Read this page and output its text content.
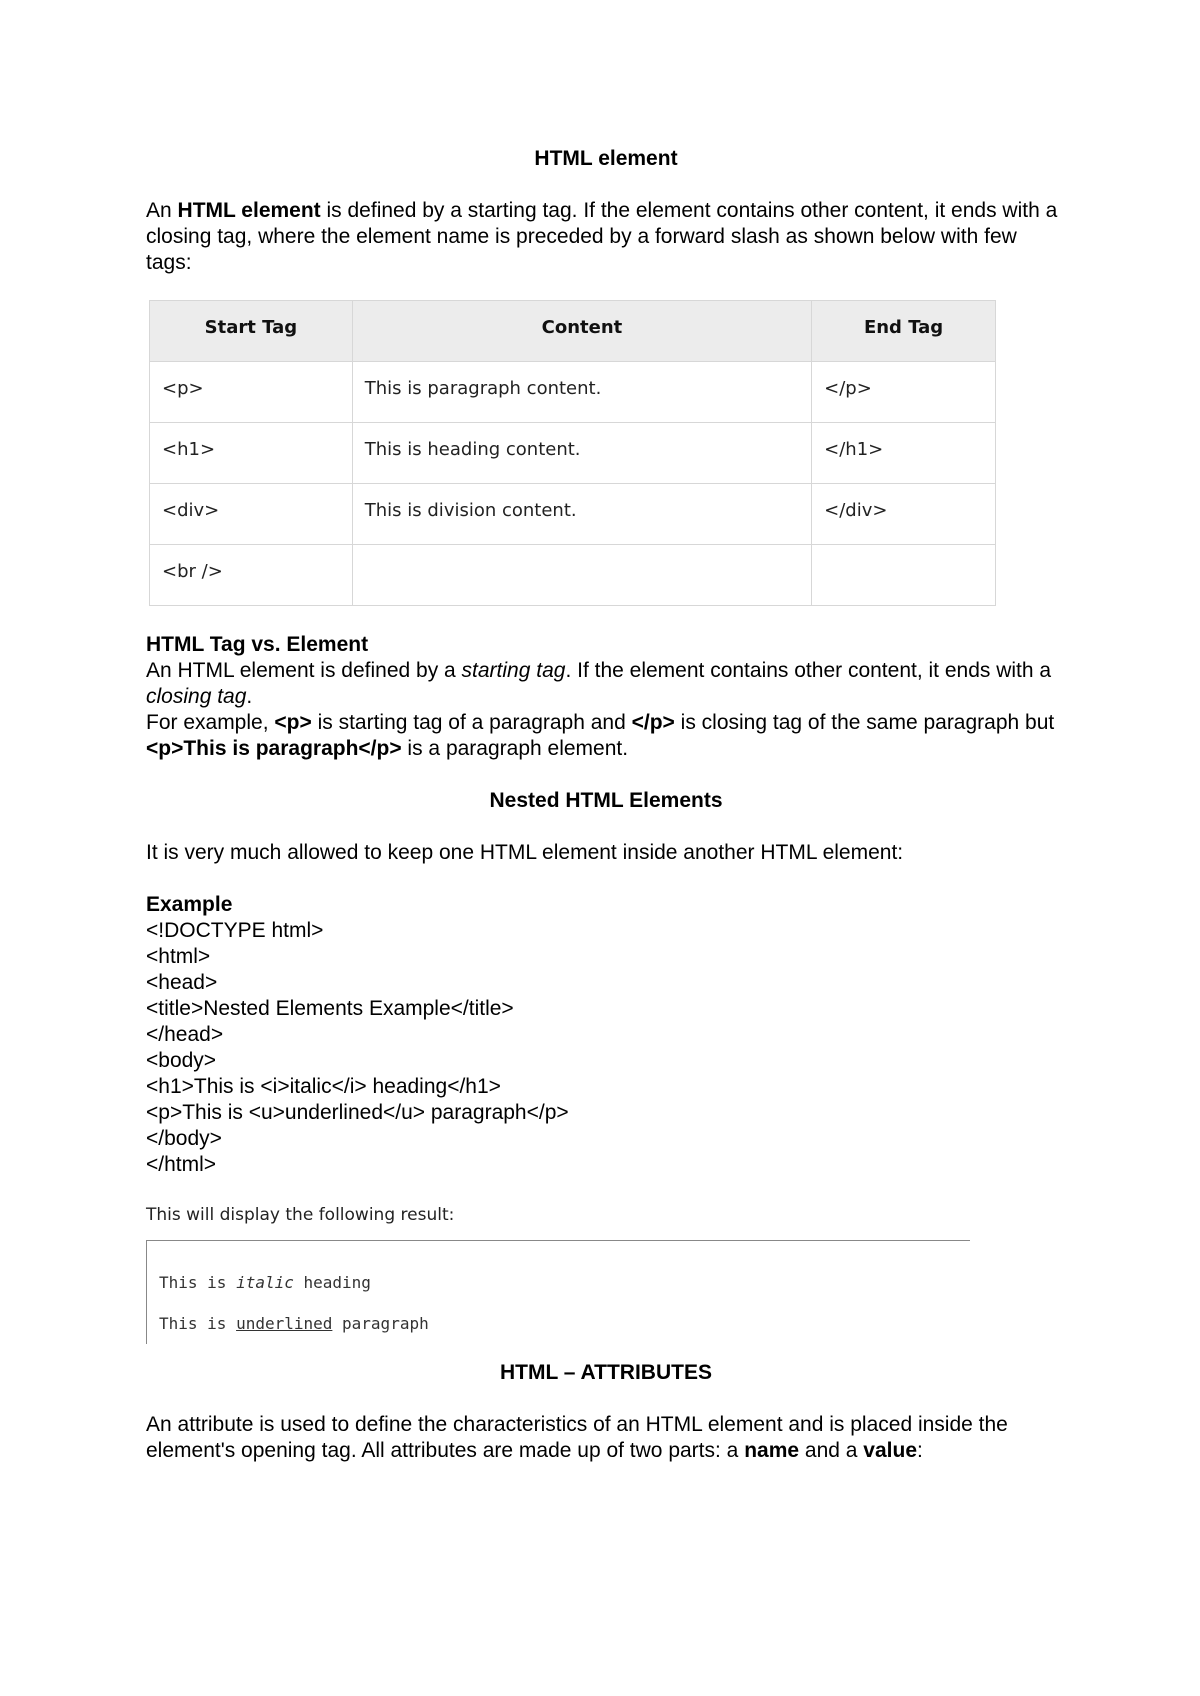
HTML element

An HTML element is defined by a starting tag. If the element contains other content, it ends with a closing tag, where the element name is preceded by a forward slash as shown below with few tags:

Start Tag	Content	End Tag
<p>	This is paragraph content.	</p>
<h1>	This is heading content.	</h1>
<div>	This is division content.	</div>
<br />		

HTML Tag vs. Element

An HTML element is defined by a starting tag. If the element contains other content, it ends with a closing tag.

For example, <p> is starting tag of a paragraph and </p> is closing tag of the same paragraph but <p>This is paragraph</p> is a paragraph element.

Nested HTML Elements

It is very much allowed to keep one HTML element inside another HTML element:

Example

<!DOCTYPE html>

<html>

<head>

<title>Nested Elements Example</title>

</head>

<body>

<h1>This is <i>italic</i> heading</h1>

<p>This is <u>underlined</u> paragraph</p>

</body>

</html>

This will display the following result:

This is italic heading

This is underlined paragraph

HTML – ATTRIBUTES

An attribute is used to define the characteristics of an HTML element and is placed inside the element's opening tag. All attributes are made up of two parts: a name and a value:
